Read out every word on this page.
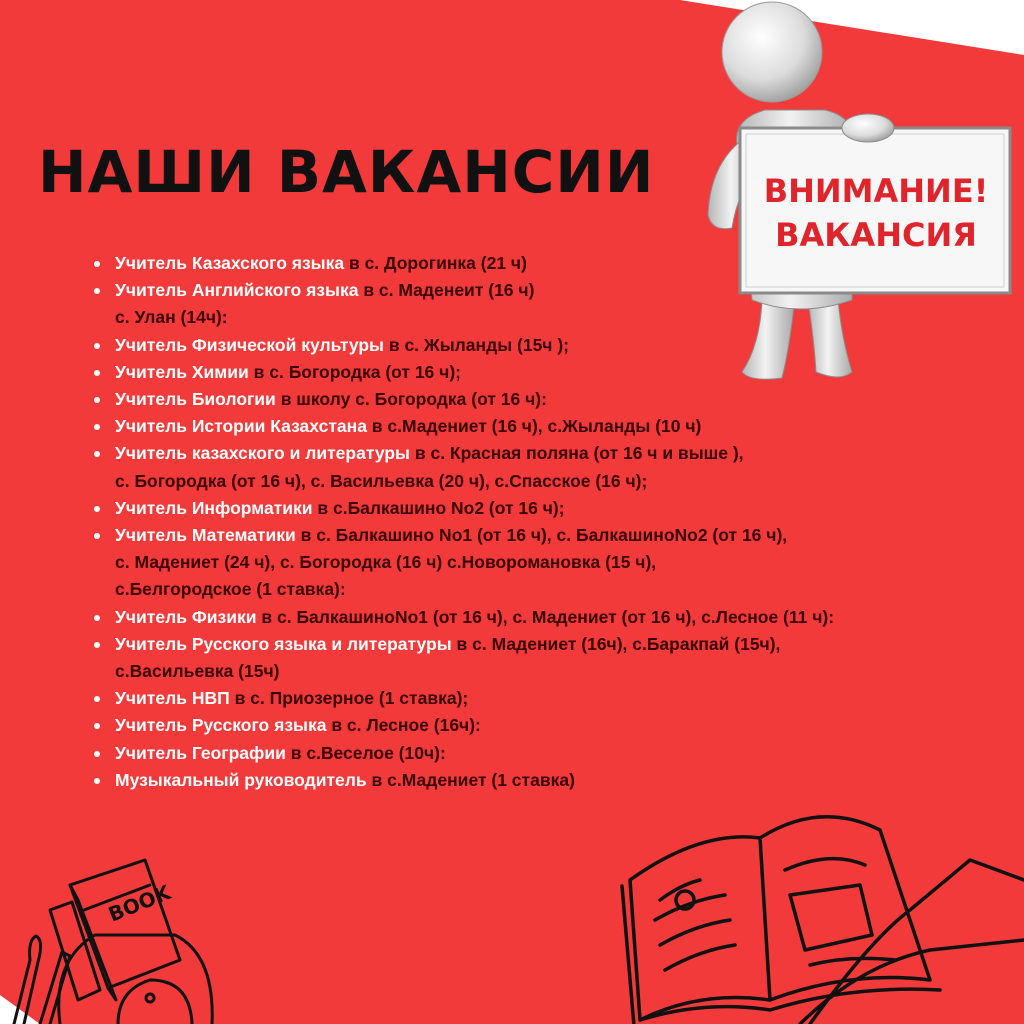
НАШИ ВАКАНСИИ	ВНИМАНИЕ!
ВАКАНСИЯ
Учитель Казахского языка в с. Дорогинка (21 ч)
Учитель Английского языка в с. Маденеит (16 ч)
с. Улан (14ч):
Учитель Физической культуры в с. Жыланды (15ч );
Учитель Химии в с. Богородка (от 16 ч);
Учитель Биологии в школу с. Богородка (от 16 ч):
Учитель Истории Казахстана в с.Мадениет (16 ч), с.Жыланды (10 ч)
Учитель казахского и литературы в с. Красная поляна (от 16 ч и выше ),
с. Богородка (от 16 ч), с. Васильевка (20 ч), с.Спасское (16 ч);
Учитель Информатики в с.Балкашино No2 (от 16 ч);
Учитель Математики в с. Балкашино No1 (от 16 ч), с. БалкашиноNo2 (от 16 ч),
с. Мадениет (24 ч), с. Богородка (16 ч) с.Новоромановка (15 ч),
с.Белгородское (1 ставка):
Учитель Физики в с. БалкашиноNo1 (от 16 ч), с. Мадениет (от 16 ч), с.Лесное (11 ч):
Учитель Русского языка и литературы в с. Мадениет (16ч), с.Баракпай (15ч),
с.Васильевка (15ч)
Учитель НВП в с. Приозерное (1 ставка);
Учитель Русского языка в с. Лесное (16ч):
Учитель Географии в с.Веселое (10ч):
Музыкальный руководитель в с.Мадениет (1 ставка)
BOOK
